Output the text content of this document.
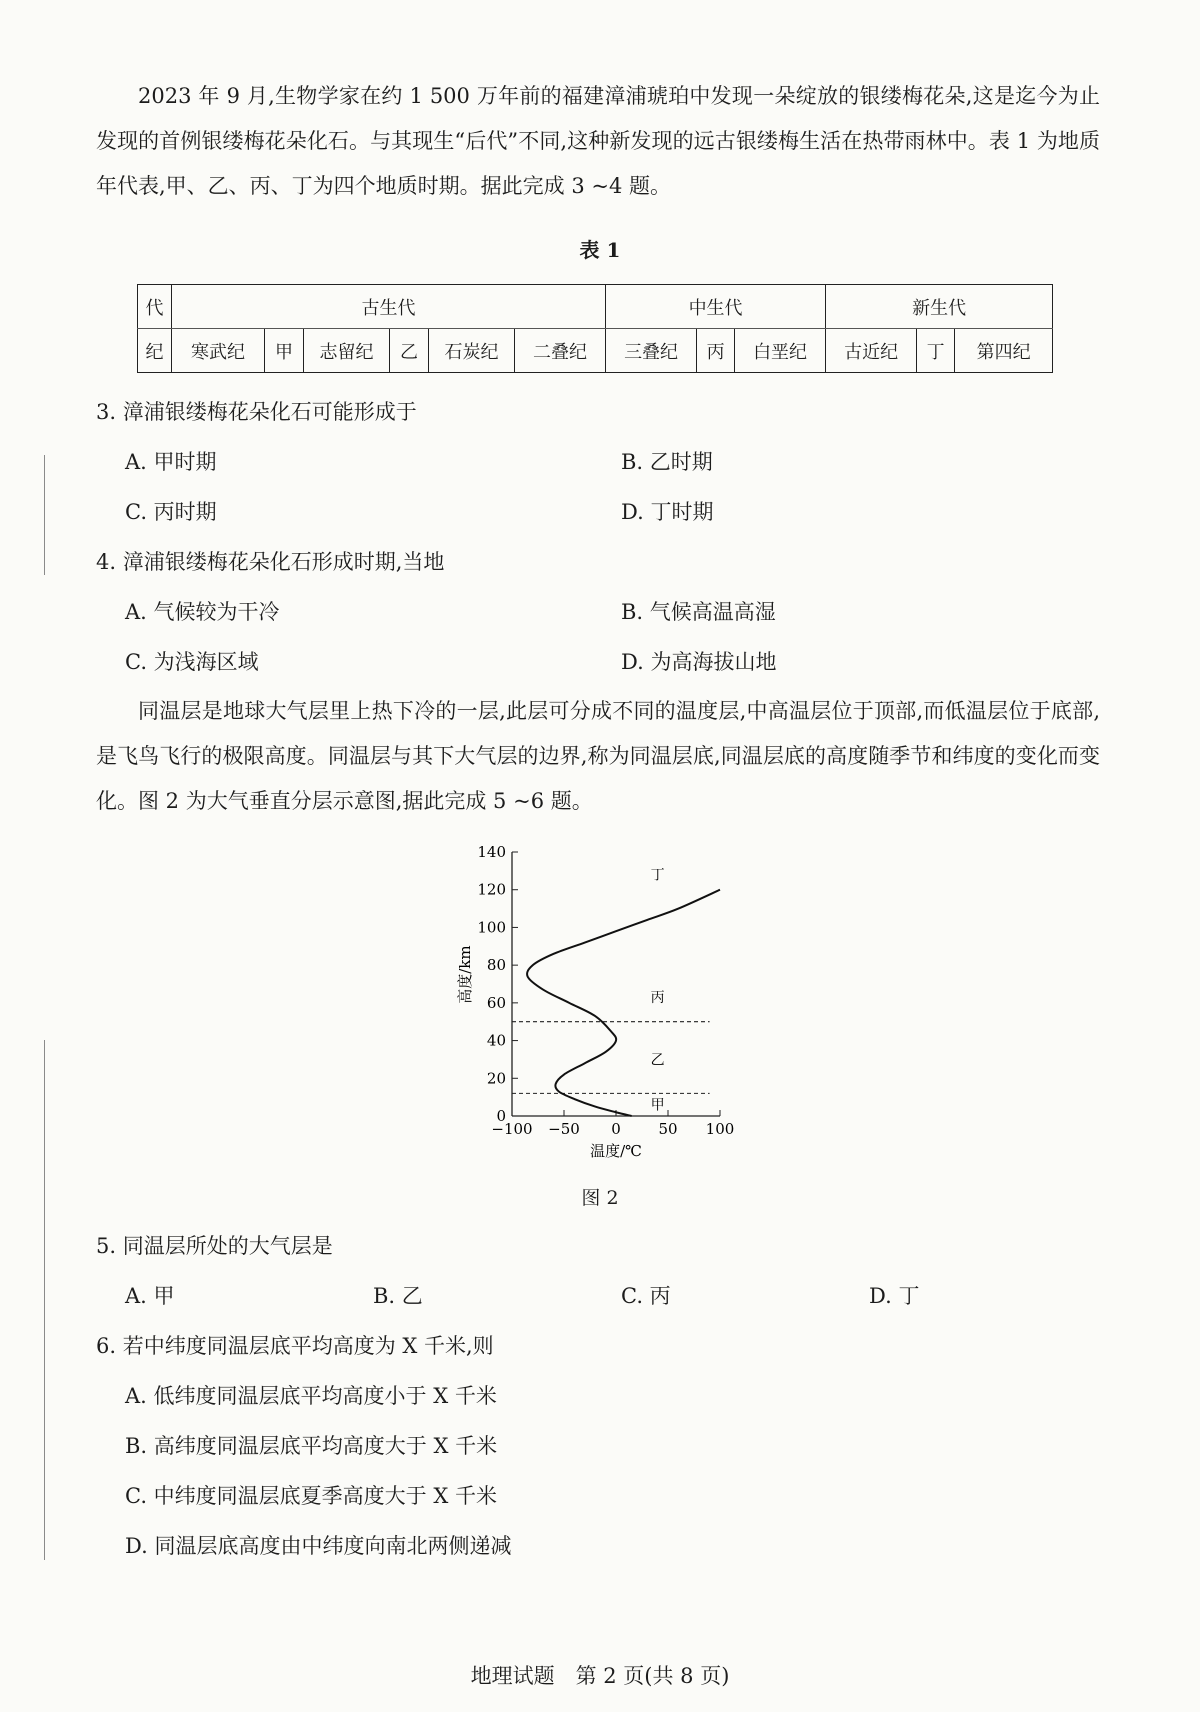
2023 年 9 月,生物学家在约 1 500 万年前的福建漳浦琥珀中发现一朵绽放的银缕梅花朵,这是迄今为止发现的首例银缕梅花朵化石。与其现生“后代”不同,这种新发现的远古银缕梅生活在热带雨林中。表 1 为地质年代表,甲、乙、丙、丁为四个地质时期。据此完成 3 ~4 题。

表 1
代	古生代						中生代			新生代		
纪	寒武纪	甲	志留纪	乙	石炭纪	二叠纪	三叠纪	丙	白垩纪	古近纪	丁	第四纪
3. 漳浦银缕梅花朵化石可能形成于
A. 甲时期	B. 乙时期
C. 丙时期	D. 丁时期
4. 漳浦银缕梅花朵化石形成时期,当地
A. 气候较为干冷	B. 气候高温高湿
C. 为浅海区域	D. 为高海拔山地

同温层是地球大气层里上热下冷的一层,此层可分成不同的温度层,中高温层位于顶部,而低温层位于底部,是飞鸟飞行的极限高度。同温层与其下大气层的边界,称为同温层底,同温层底的高度随季节和纬度的变化而变化。图 2 为大气垂直分层示意图,据此完成 5 ~6 题。

0
20
40
60
80
100
120
140
−100 −50 0	50 100
高度/km
温度/℃
甲
乙
丙
丁
图 2
5. 同温层所处的大气层是
A. 甲	B. 乙	C. 丙	D. 丁
6. 若中纬度同温层底平均高度为 X 千米,则
A. 低纬度同温层底平均高度小于 X 千米
B. 高纬度同温层底平均高度大于 X 千米
C. 中纬度同温层底夏季高度大于 X 千米
D. 同温层底高度由中纬度向南北两侧递减
地理试题　第 2 页(共 8 页)
